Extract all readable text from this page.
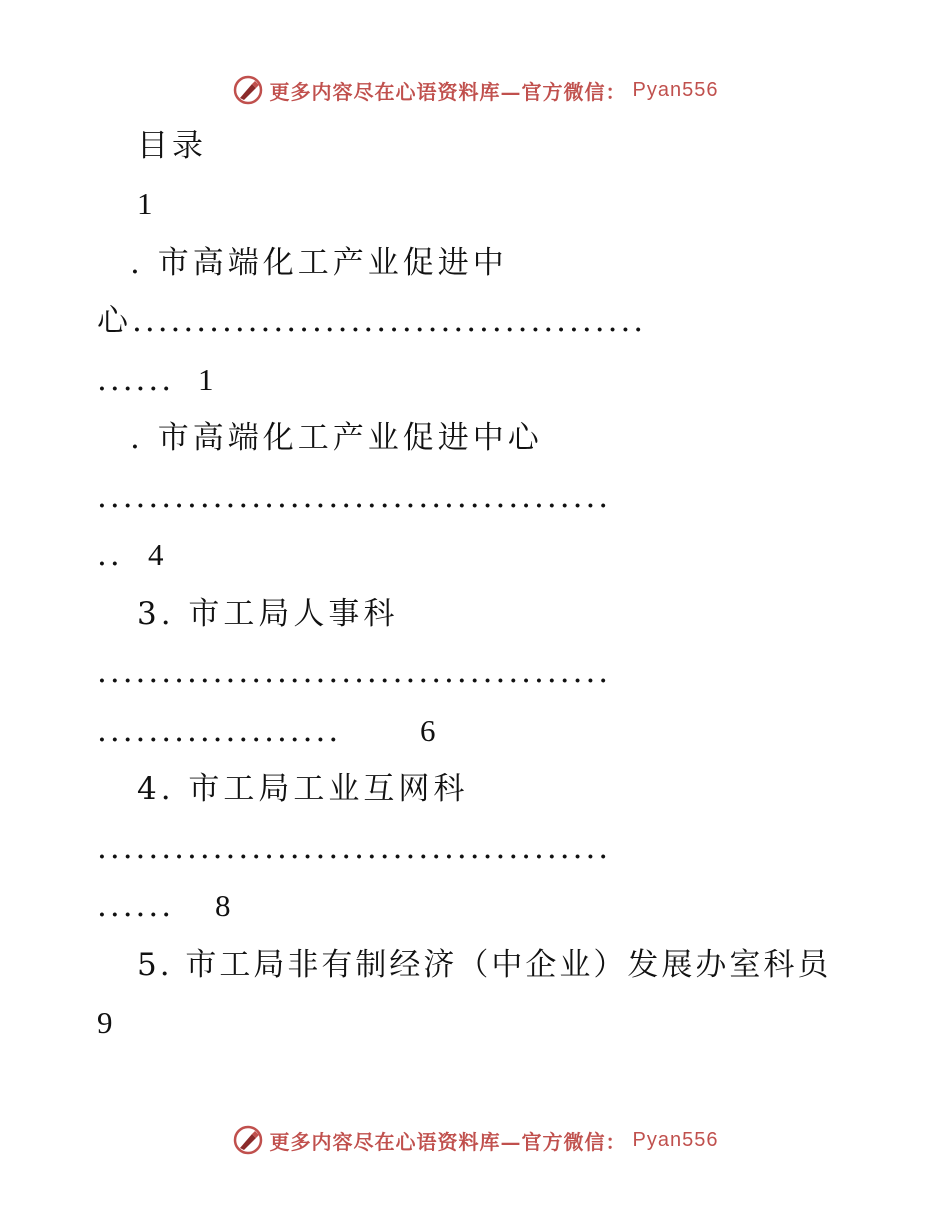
更多内容尽在心语资料库—官方微信： Pyan556
目录
1
. 市高端化工产业促进中
心 ........................................
...... 1
. 市高端化工产业促进中心
........................................
.. 4
3. 市工局人事科
........................................
...................	6
4. 市工局工业互网科
........................................
...... 8
5. 市工局非有制经济（中企业）发展办室科员
9
更多内容尽在心语资料库—官方微信： Pyan556
